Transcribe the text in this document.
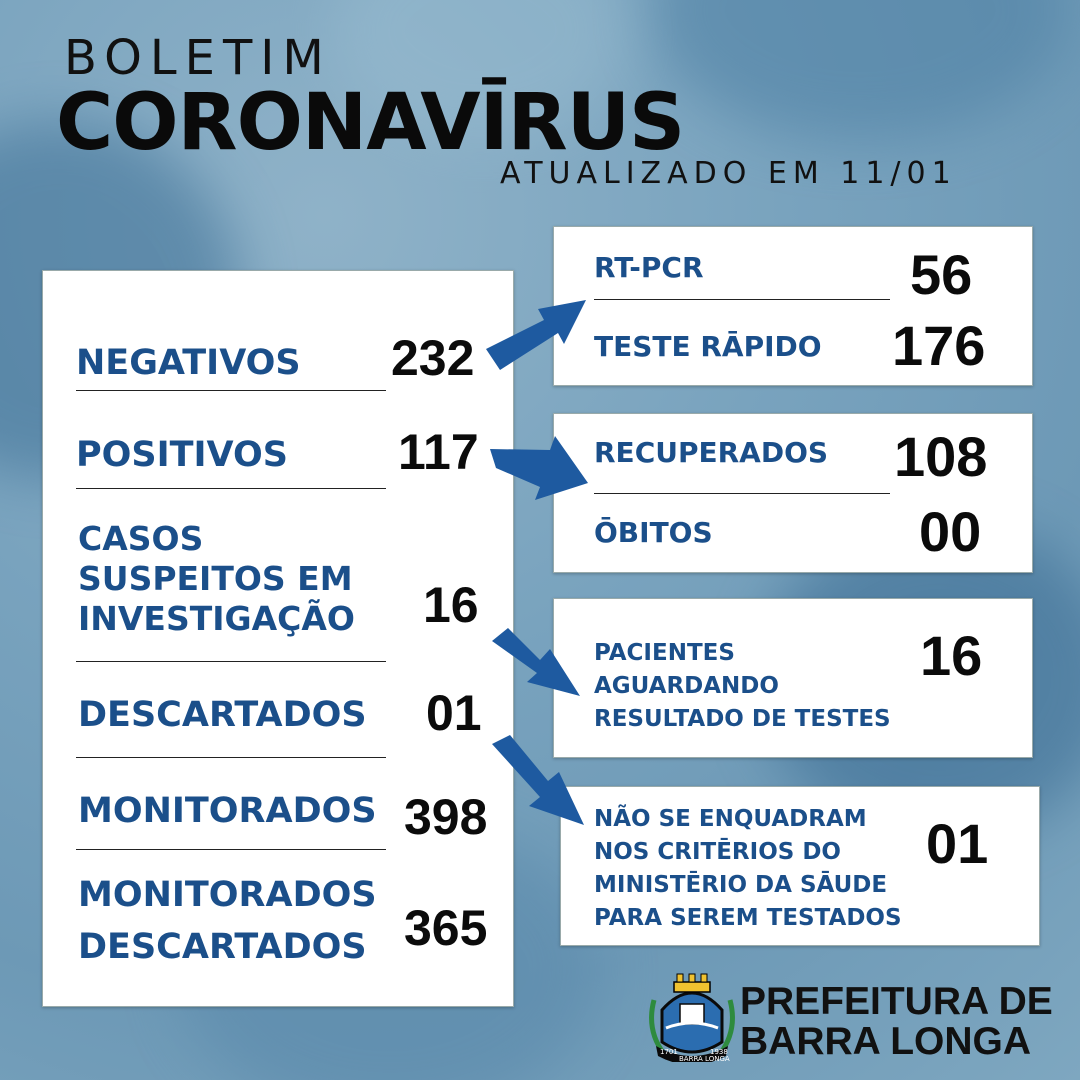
BOLETIM
CORONAVĪRUS
ATUALIZADO EM 11/01
NEGATIVOS 232
POSITIVOS 117
CASOS
SUSPEITOS EM
INVESTIGAÇÃO 16
DESCARTADOS 01
MONITORADOS 398
MONITORADOS
DESCARTADOS 365
RT-PCR	56
TESTE RĀPIDO 176
RECUPERADOS 108
ŌBITOS	00
PACIENTES
AGUARDANDO
RESULTADO DE TESTES
16
NÃO SE ENQUADRAM
NOS CRITĒRIOS DO
MINISTĒRIO DA SĀUDE
PARA SEREM TESTADOS
01
1701
BARRA LONGA
1938
PREFEITURA DE
BARRA LONGA
